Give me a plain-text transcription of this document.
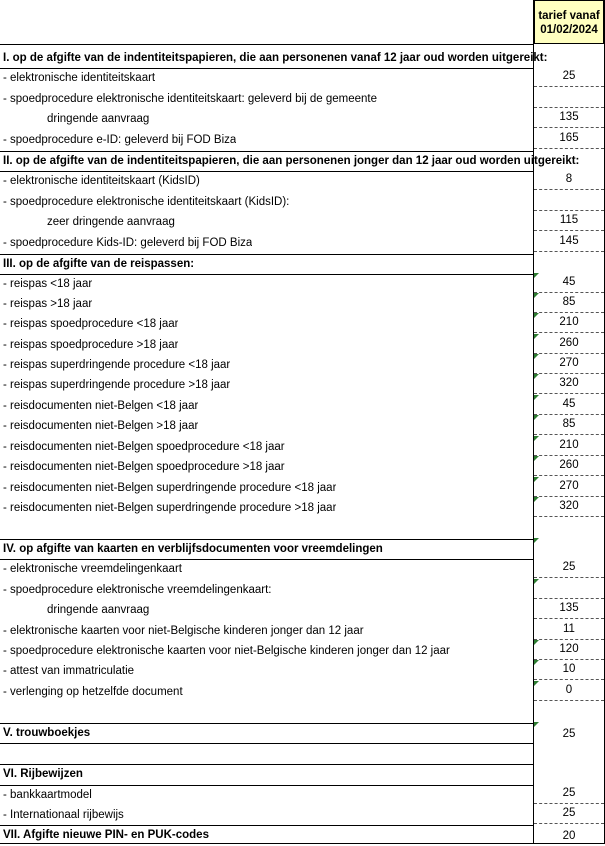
tarief vanaf
01/02/2024
I. op de afgifte van de indentiteitspapieren, die aan personenen vanaf 12 jaar oud worden uitgereikt:
- elektronische identiteitskaart	25
- spoedprocedure elektronische identiteitskaart: geleverd bij de gemeente
dringende aanvraag	135
- spoedprocedure e-ID: geleverd bij FOD Biza	165
II. op de afgifte van de indentiteitspapieren, die aan personenen jonger dan 12 jaar oud worden uitgereikt:
- elektronische identiteitskaart (KidsID)	8
- spoedprocedure elektronische identiteitskaart (KidsID):
zeer dringende aanvraag	115
- spoedprocedure Kids-ID: geleverd bij FOD Biza	145
III. op de afgifte van de reispassen:
- reispas <18 jaar	45
- reispas >18 jaar	85
- reispas spoedprocedure <18 jaar	210
- reispas spoedprocedure >18 jaar	260
- reispas superdringende procedure <18 jaar	270
- reispas superdringende procedure >18 jaar	320
- reisdocumenten niet-Belgen <18 jaar	45
- reisdocumenten niet-Belgen >18 jaar	85
- reisdocumenten niet-Belgen spoedprocedure <18 jaar	210
- reisdocumenten niet-Belgen spoedprocedure >18 jaar	260
- reisdocumenten niet-Belgen superdringende procedure <18 jaar	270
- reisdocumenten niet-Belgen superdringende procedure >18 jaar	320
IV. op afgifte van kaarten en verblijfsdocumenten voor vreemdelingen
- elektronische vreemdelingenkaart	25
- spoedprocedure elektronische vreemdelingenkaart:
dringende aanvraag	135
- elektronische kaarten voor niet-Belgische kinderen jonger dan 12 jaar	11
- spoedprocedure elektronische kaarten voor niet-Belgische kinderen jonger dan 12 jaar	120
- attest van immatriculatie	10
- verlenging op hetzelfde document	0
V. trouwboekjes	25
VI. Rijbewijzen
- bankkaartmodel	25
- Internationaal rijbewijs	25
VII. Afgifte nieuwe PIN- en PUK-codes	20
